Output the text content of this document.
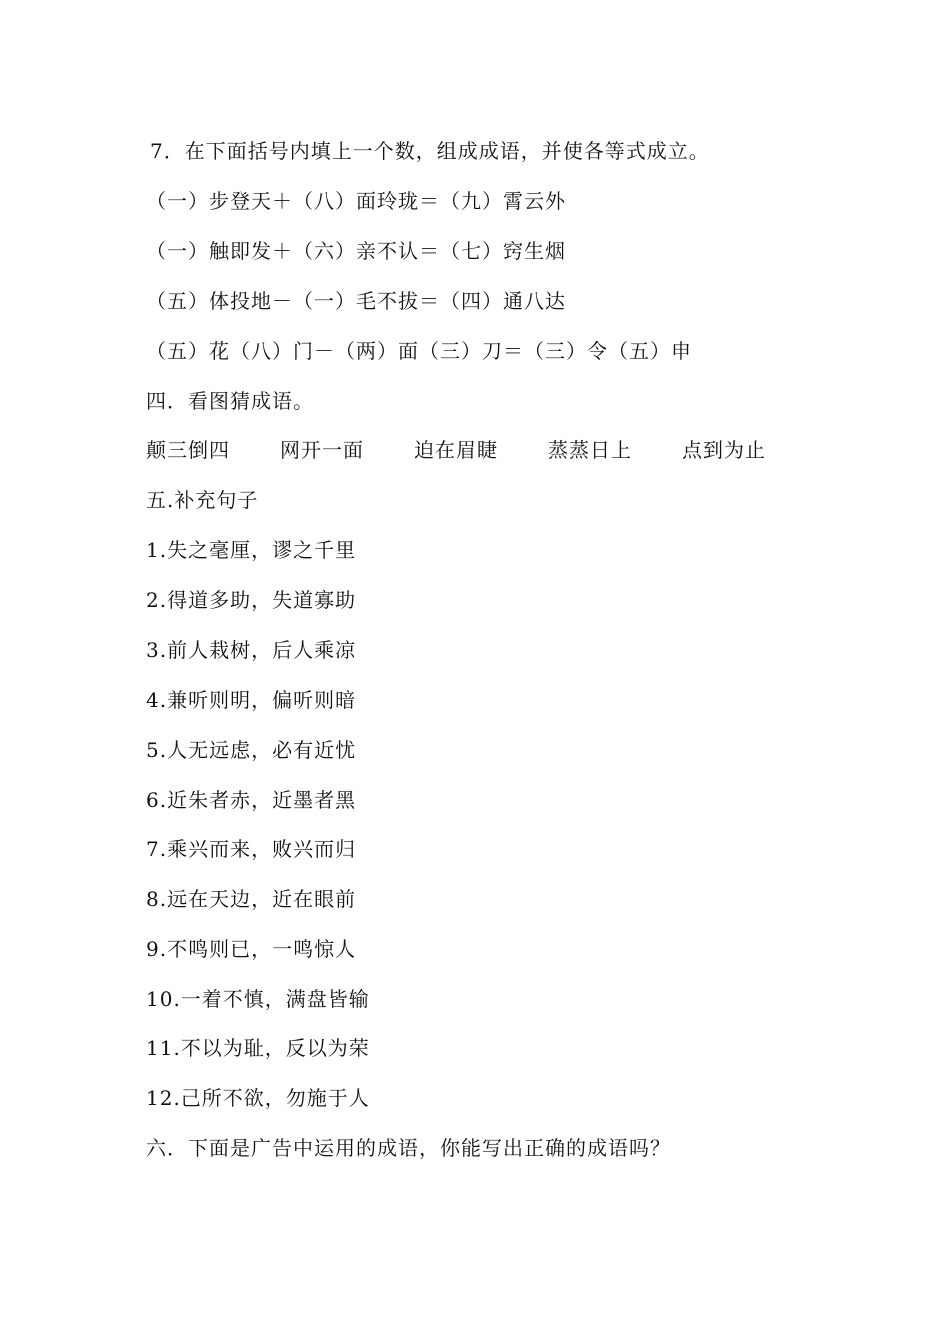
7．在下面括号内填上一个数，组成成语，并使各等式成立。
（一）步登天＋（八）面玲珑＝（九）霄云外
（一）触即发＋（六）亲不认＝（七）窍生烟
（五）体投地－（一）毛不拔＝（四）通八达
（五）花（八）门－（两）面（三）刀＝（三）令（五）申
四．看图猜成语。
颠三倒四	网开一面	迫在眉睫	蒸蒸日上	点到为止
五.补充句子
1.失之毫厘，谬之千里
2.得道多助，失道寡助
3.前人栽树，后人乘凉
4.兼听则明，偏听则暗
5.人无远虑，必有近忧
6.近朱者赤，近墨者黑
7.乘兴而来，败兴而归
8.远在天边，近在眼前
9.不鸣则已，一鸣惊人
10.一着不慎，满盘皆输
11.不以为耻，反以为荣
12.己所不欲，勿施于人
六．下面是广告中运用的成语，你能写出正确的成语吗？
